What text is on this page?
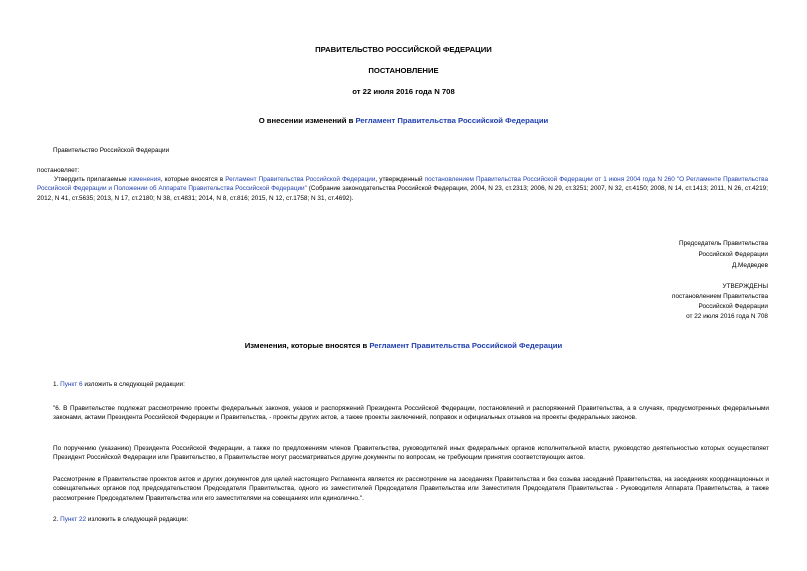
ПРАВИТЕЛЬСТВО РОССИЙСКОЙ ФЕДЕРАЦИИ
ПОСТАНОВЛЕНИЕ
от 22 июля 2016 года N 708
О внесении изменений в Регламент Правительства Российской Федерации
Правительство Российской Федерации
постановляет:
Утвердить прилагаемые изменения, которые вносятся в Регламент Правительства Российской Федерации, утвержденный постановлением Правительства Российской Федерации от 1 июня 2004 года N 260 "О Регламенте Правительства Российской Федерации и Положении об Аппарате Правительства Российской Федерации" (Собрание законодательства Российской Федерации, 2004, N 23, ст.2313; 2006, N 29, ст.3251; 2007, N 32, ст.4150; 2008, N 14, ст.1413; 2011, N 26, ст.4219; 2012, N 41, ст.5635; 2013, N 17, ст.2180; N 38, ст.4831; 2014, N 8, ст.816; 2015, N 12, ст.1758; N 31, ст.4692).
Председатель Правительства
Российской Федерации
Д.Медведев
УТВЕРЖДЕНЫ
постановлением Правительства
Российской Федерации
от 22 июля 2016 года N 708
Изменения, которые вносятся в Регламент Правительства Российской Федерации
1. Пункт 6 изложить в следующей редакции:
"6. В Правительстве подлежат рассмотрению проекты федеральных законов, указов и распоряжений Президента Российской Федерации, постановлений и распоряжений Правительства, а в случаях, предусмотренных федеральными законами, актами Президента Российской Федерации и Правительства, - проекты других актов, а также проекты заключений, поправок и официальных отзывов на проекты федеральных законов.
По поручению (указанию) Президента Российской Федерации, а также по предложениям членов Правительства, руководителей иных федеральных органов исполнительной власти, руководство деятельностью которых осуществляет Президент Российской Федерации или Правительство, в Правительстве могут рассматриваться другие документы по вопросам, не требующим принятия соответствующих актов.
Рассмотрение в Правительстве проектов актов и других документов для целей настоящего Регламента является их рассмотрение на заседаниях Правительства и без созыва заседаний Правительства, на заседаниях координационных и совещательных органов под председательством Председателя Правительства, одного из заместителей Председателя Правительства или Заместителя Председателя Правительства - Руководителя Аппарата Правительства, а также рассмотрение Председателем Правительства или его заместителями на совещаниях или единолично.".
2. Пункт 22 изложить в следующей редакции:
